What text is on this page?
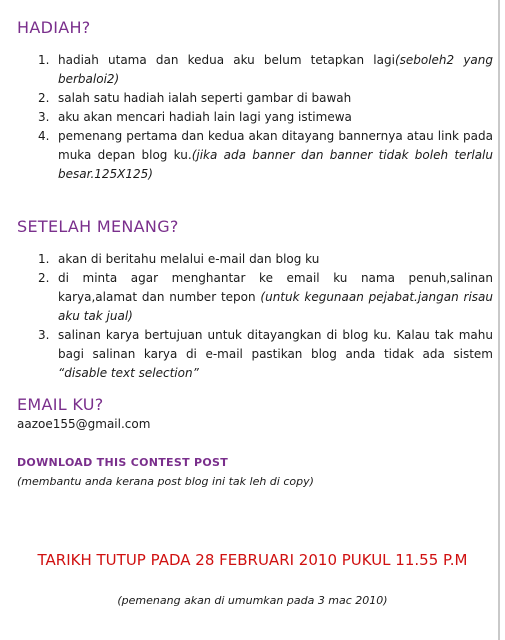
HADIAH?
1. hadiah utama dan kedua aku belum tetapkan lagi(seboleh2 yang berbaloi2)
2. salah satu hadiah ialah seperti gambar di bawah
3. aku akan mencari hadiah lain lagi yang istimewa
4. pemenang pertama dan kedua akan ditayang bannernya atau link pada muka depan blog ku.(jika ada banner dan banner tidak boleh terlalu besar.125X125)
SETELAH MENANG?
1. akan di beritahu melalui e-mail dan blog ku
2. di minta agar menghantar ke email ku nama penuh,salinan karya,alamat dan number tepon (untuk kegunaan pejabat.jangan risau aku tak jual)
3. salinan karya bertujuan untuk ditayangkan di blog ku. Kalau tak mahu bagi salinan karya di e-mail pastikan blog anda tidak ada sistem “disable text selection”
EMAIL KU?
aazoe155@gmail.com
DOWNLOAD THIS CONTEST POST
(membantu anda kerana post blog ini tak leh di copy)
TARIKH TUTUP PADA 28 FEBRUARI 2010 PUKUL 11.55 P.M
(pemenang akan di umumkan pada 3 mac 2010)
